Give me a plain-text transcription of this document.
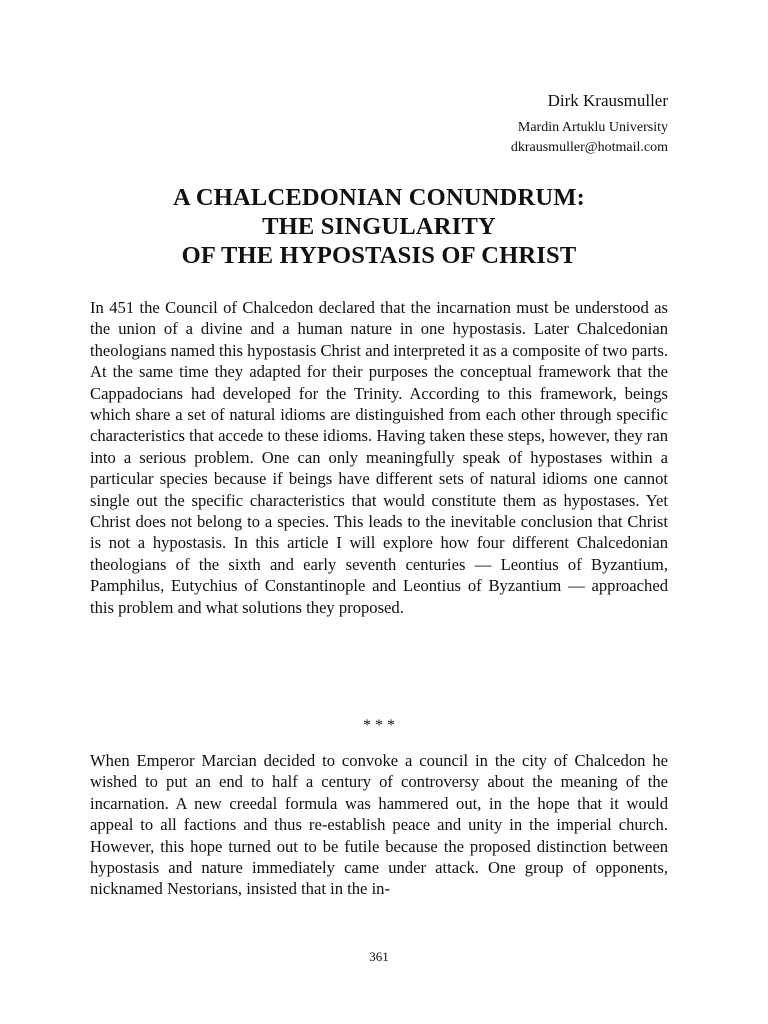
Dirk Krausmuller

Mardin Artuklu University

dkrausmuller@hotmail.com

A CHALCEDONIAN CONUNDRUM:
THE SINGULARITY
OF THE HYPOSTASIS OF CHRIST

In 451 the Council of Chalcedon declared that the incarnation must be understood as the union of a divine and a human nature in one hypostasis. Later Chalcedonian theologians named this hypostasis Christ and interpreted it as a composite of two parts. At the same time they adapted for their purposes the conceptual framework that the Cappadocians had developed for the Trinity. According to this framework, beings which share a set of natural idioms are distinguished from each other through specific characteristics that accede to these idioms. Having taken these steps, however, they ran into a serious problem. One can only meaningfully speak of hypostases within a particular species because if beings have different sets of natural idioms one cannot single out the specific characteristics that would constitute them as hypostases. Yet Christ does not belong to a species. This leads to the inevitable conclusion that Christ is not a hypostasis. In this article I will explore how four different Chalcedonian theologians of the sixth and early seventh centuries — Leontius of Byzantium, Pamphilus, Eutychius of Constantinople and Leontius of Byzantium — approached this problem and what solutions they proposed.

* * *

When Emperor Marcian decided to convoke a council in the city of Chalcedon he wished to put an end to half a century of controversy about the meaning of the incarnation. A new creedal formula was hammered out, in the hope that it would appeal to all factions and thus re-establish peace and unity in the imperial church. However, this hope turned out to be futile because the proposed distinction between hypostasis and nature immediately came under attack. One group of opponents, nicknamed Nestorians, insisted that in the in-

361
